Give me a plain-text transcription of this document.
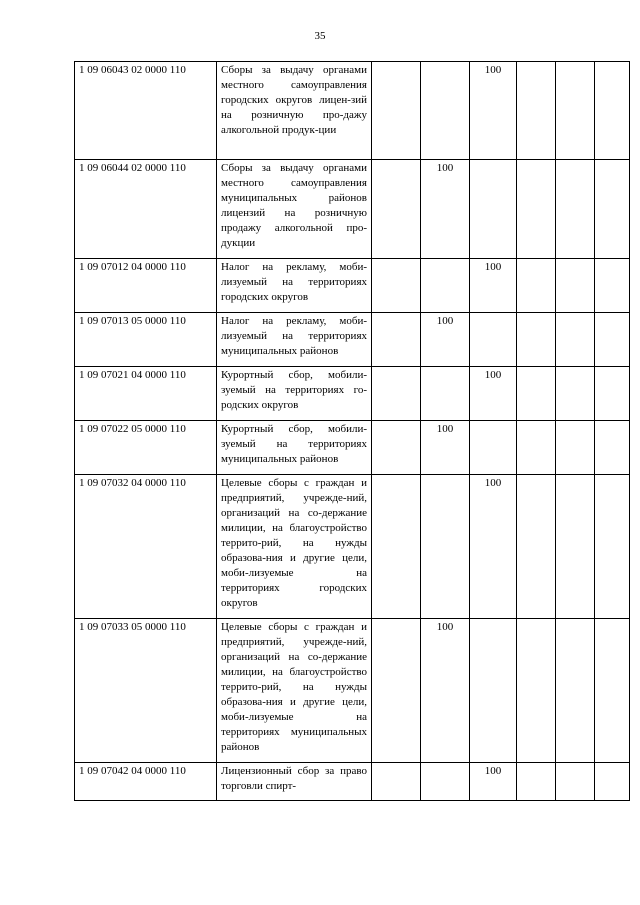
35
1 09 06043 02 0000 110	Сборы за выдачу органами местного самоуправления городских округов лицен-зий на розничную про-дажу алкогольной продук-ции			100			
1 09 06044 02 0000 110	Сборы за выдачу органами местного самоуправления муниципальных районов лицензий на розничную продажу алкогольной про-дукции		100				
1 09 07012 04 0000 110	Налог на рекламу, моби-лизуемый на территориях городских округов			100			
1 09 07013 05 0000 110	Налог на рекламу, моби-лизуемый на территориях муниципальных районов		100				
1 09 07021 04 0000 110	Курортный сбор, мобили-зуемый на территориях го-родских округов			100			
1 09 07022 05 0000 110	Курортный сбор, мобили-зуемый на территориях муниципальных районов		100				
1 09 07032 04 0000 110	Целевые сборы с граждан и предприятий, учрежде-ний, организаций на со-держание милиции, на благоустройство террито-рий, на нужды образова-ния и другие цели, моби-лизуемые на территориях городских округов			100			
1 09 07033 05 0000 110	Целевые сборы с граждан и предприятий, учрежде-ний, организаций на со-держание милиции, на благоустройство террито-рий, на нужды образова-ния и другие цели, моби-лизуемые на территориях муниципальных районов		100				
1 09 07042 04 0000 110	Лицензионный сбор за право торговли спирт-			100			
